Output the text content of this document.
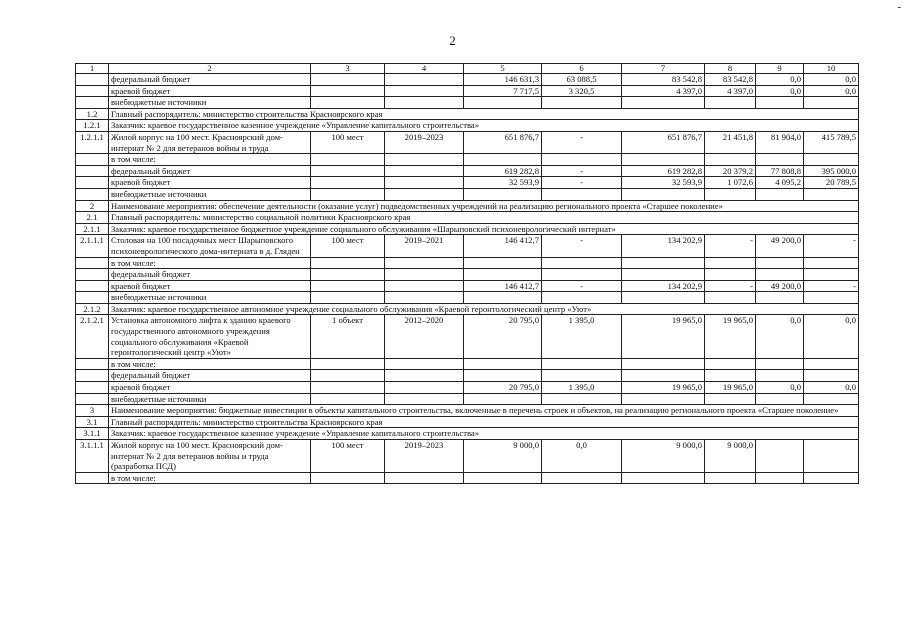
2
-
1	2	3	4	5	6	7	8	9	10
	федеральный бюджет			146 631,3	63 088,5	83 542,8	83 542,8	0,0	0,0
	краевой бюджет			7 717,5	3 320,5	4 397,0	4 397,0	0,0	0,0
	внебюджетные источники								
1.2	Главный распорядитель: министерство строительства Красноярского края								
1.2.1	Заказчик: краевое государственное казенное учреждение «Управление капитального строительства»								
1.2.1.1	Жилой корпус на 100 мест. Красноярский дом-интернат № 2 для ветеранов войны и труда	100 мест	2019–2023	651 876,7	-	651 876,7	21 451,8	81 904,0	415 789,5
	в том числе:								
	федеральный бюджет			619 282,8	-	619 282,8	20 379,2	77 808,8	395 000,0
	краевой бюджет			32 593,9	-	32 593,9	1 072,6	4 095,2	20 789,5
	внебюджетные источники								
2	Наименование мероприятия: обеспечение деятельности (оказание услуг) подведомственных учреждений на реализацию регионального проекта «Старшее поколение»								
2.1	Главный распорядитель: министерство социальной политики Красноярского края								
2.1.1	Заказчик: краевое государственное бюджетное учреждение социального обслуживания «Шарыповский психоневрологический интернат»								
2.1.1.1	Столовая на 100 посадочных мест Шарыповского психоневрологического дома-интерната в д. Гляден	100 мест	2019–2021	146 412,7	-	134 202,9	-	49 200,0	-
	в том числе:								
	федеральный бюджет								
	краевой бюджет			146 412,7	-	134 202,9	-	49 200,0	-
	внебюджетные источники								
2.1.2	Заказчик: краевое государственное автономное учреждение социального обслуживания «Краевой геронтологический центр «Уют»								
2.1.2.1	Установка автономного лифта к зданию краевого государственного автономного учреждения социального обслуживания «Краевой геронтологический центр «Уют»	1 объект	2012–2020	20 795,0	1 395,0	19 965,0	19 965,0	0,0	0,0
	в том числе:								
	федеральный бюджет								
	краевой бюджет			20 795,0	1 395,0	19 965,0	19 965,0	0,0	0,0
	внебюджетные источники								
3	Наименование мероприятия: бюджетные инвестиции в объекты капитального строительства, включенные в перечень строек и объектов, на реализацию регионального проекта «Старшее поколение»								
3.1	Главный распорядитель: министерство строительства Красноярского края								
3.1.1	Заказчик: краевое государственное казенное учреждение «Управление капитального строительства»								
3.1.1.1	Жилой корпус на 100 мест. Красноярский дом-интернат № 2 для ветеранов войны и труда (разработка ПСД)	100 мест	2019–2023	9 000,0	0,0	9 000,0	9 000,0		
	в том числе:								
